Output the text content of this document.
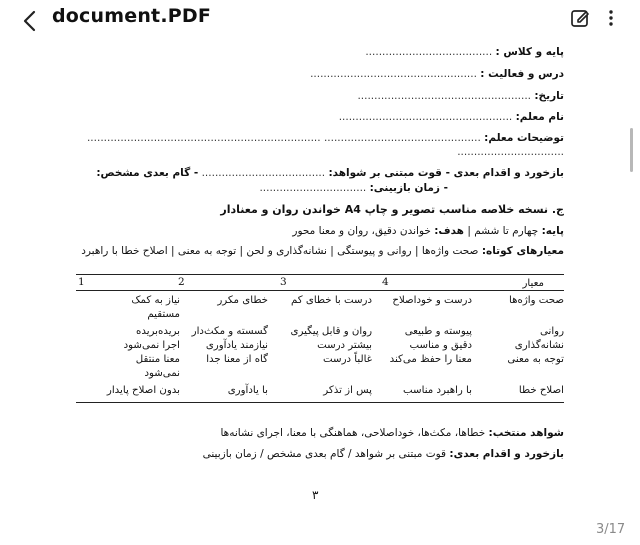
document.PDF
پایه و کلاس : ......................................
درس و فعالیت : ..................................................
تاریخ: ....................................................
نام معلم: ....................................................
توضیحات معلم: ............................................... ......................................................................
................................
بازخورد و اقدام بعدی - قوت مبتنی بر شواهد: ..................................... - گام بعدی مشخص:
- زمان بازبینی: ................................
ج. نسخه خلاصه مناسب تصویر و چاپ A4 خواندن روان و معنادار
پایه: چهارم تا ششم | هدف: خواندن دقیق، روان و معنا محور
معیارهای کوتاه: صحت واژه‌ها | روانی و پیوستگی | نشانه‌گذاری و لحن | توجه به معنی | اصلاح خطا با راهبرد
معیار
4
3
2
1
صحت واژه‌ها
درست و خوداصلاح
درست با خطای کم
خطای مکرر
نیاز به کمک
مستقیم
روانی
پیوسته و طبیعی
روان و قابل پیگیری
گسسته و مکث‌دار
بریده‌بریده
نشانه‌گذاری
دقیق و مناسب
بیشتر درست
نیازمند یادآوری
اجرا نمی‌شود
توجه به معنی
معنا را حفظ می‌کند
غالباً درست
گاه از معنا جدا
معنا منتقل
نمی‌شود
اصلاح خطا
با راهبرد مناسب
پس از تذکر
با یادآوری
بدون اصلاح پایدار
شواهد منتخب: خطاها، مکث‌ها، خوداصلاحی، هماهنگی با معنا، اجرای نشانه‌ها
بازخورد و اقدام بعدی: قوت مبتنی بر شواهد / گام بعدی مشخص / زمان بازبینی
۳
3/17
